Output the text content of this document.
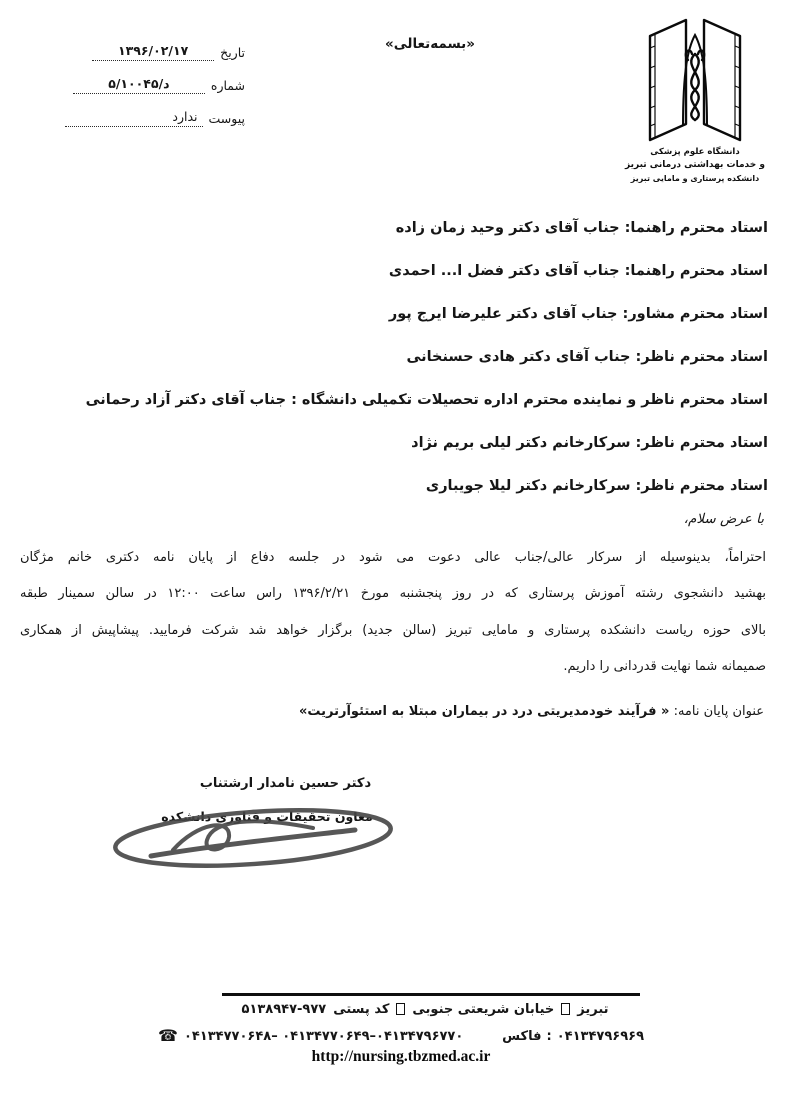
۱۳۹۶/۰۲/۱۷	تاریخ
۵/د/۱۰۰۴۵	شماره
ندارد پیوست
«بسمه‌تعالی»
دانشگاه علوم پزشکی
و خدمات بهداشتی درمانی تبریز
دانشکده پرستاری و مامایی تبریز
استاد محترم راهنما: جناب آقای دکتر وحید زمان زاده
استاد محترم راهنما: جناب آقای دکتر فضل ا... احمدی
استاد محترم مشاور: جناب آقای دکتر علیرضا ایرج پور
استاد محترم ناظر: جناب آقای دکتر هادی حسنخانی
استاد محترم ناظر و نماینده محترم اداره تحصیلات تکمیلی دانشگاه : جناب آقای دکتر آزاد رحمانی
استاد محترم ناظر: سرکارخانم دکتر لیلی بریم نژاد
استاد محترم ناظر: سرکارخانم دکتر لیلا جویباری
با عرض سلام،
احتراماً، بدینوسیله از سرکار عالی/جناب عالی دعوت می شود در جلسه دفاع از پایان نامه دکتری خانم مژگان
بهشید دانشجوی رشته آموزش پرستاری که در روز پنجشنبه مورخ ۱۳۹۶/۲/۲۱ راس ساعت ۱۲:۰۰ در سالن سمینار طبقه
بالای حوزه ریاست دانشکده پرستاری و مامایی تبریز (سالن جدید) برگزار خواهد شد شرکت فرمایید. پیشاپیش از همکاری
صمیمانه شما نهایت قدردانی را داریم.
عنوان پایان نامه: « فرآیند خودمدیریتی درد در بیماران مبتلا به استئوآرتریت»
دکتر حسین نامدار ارشتناب
معاون تحقیقات و فناوری دانشکده
تبریز
خیابان شریعتی جنوبی
کد پستی
۵۱۳۸۹۴۷-۹۷۷
☎ ۰۴۱۳۴۷۷۰۶۴۸– ۰۴۱۳۴۷۷۰۶۴۹–۰۴۱۳۴۷۹۶۷۷۰	فاکس : ۰۴۱۳۴۷۹۶۹۶۹
http://nursing.tbzmed.ac.ir
